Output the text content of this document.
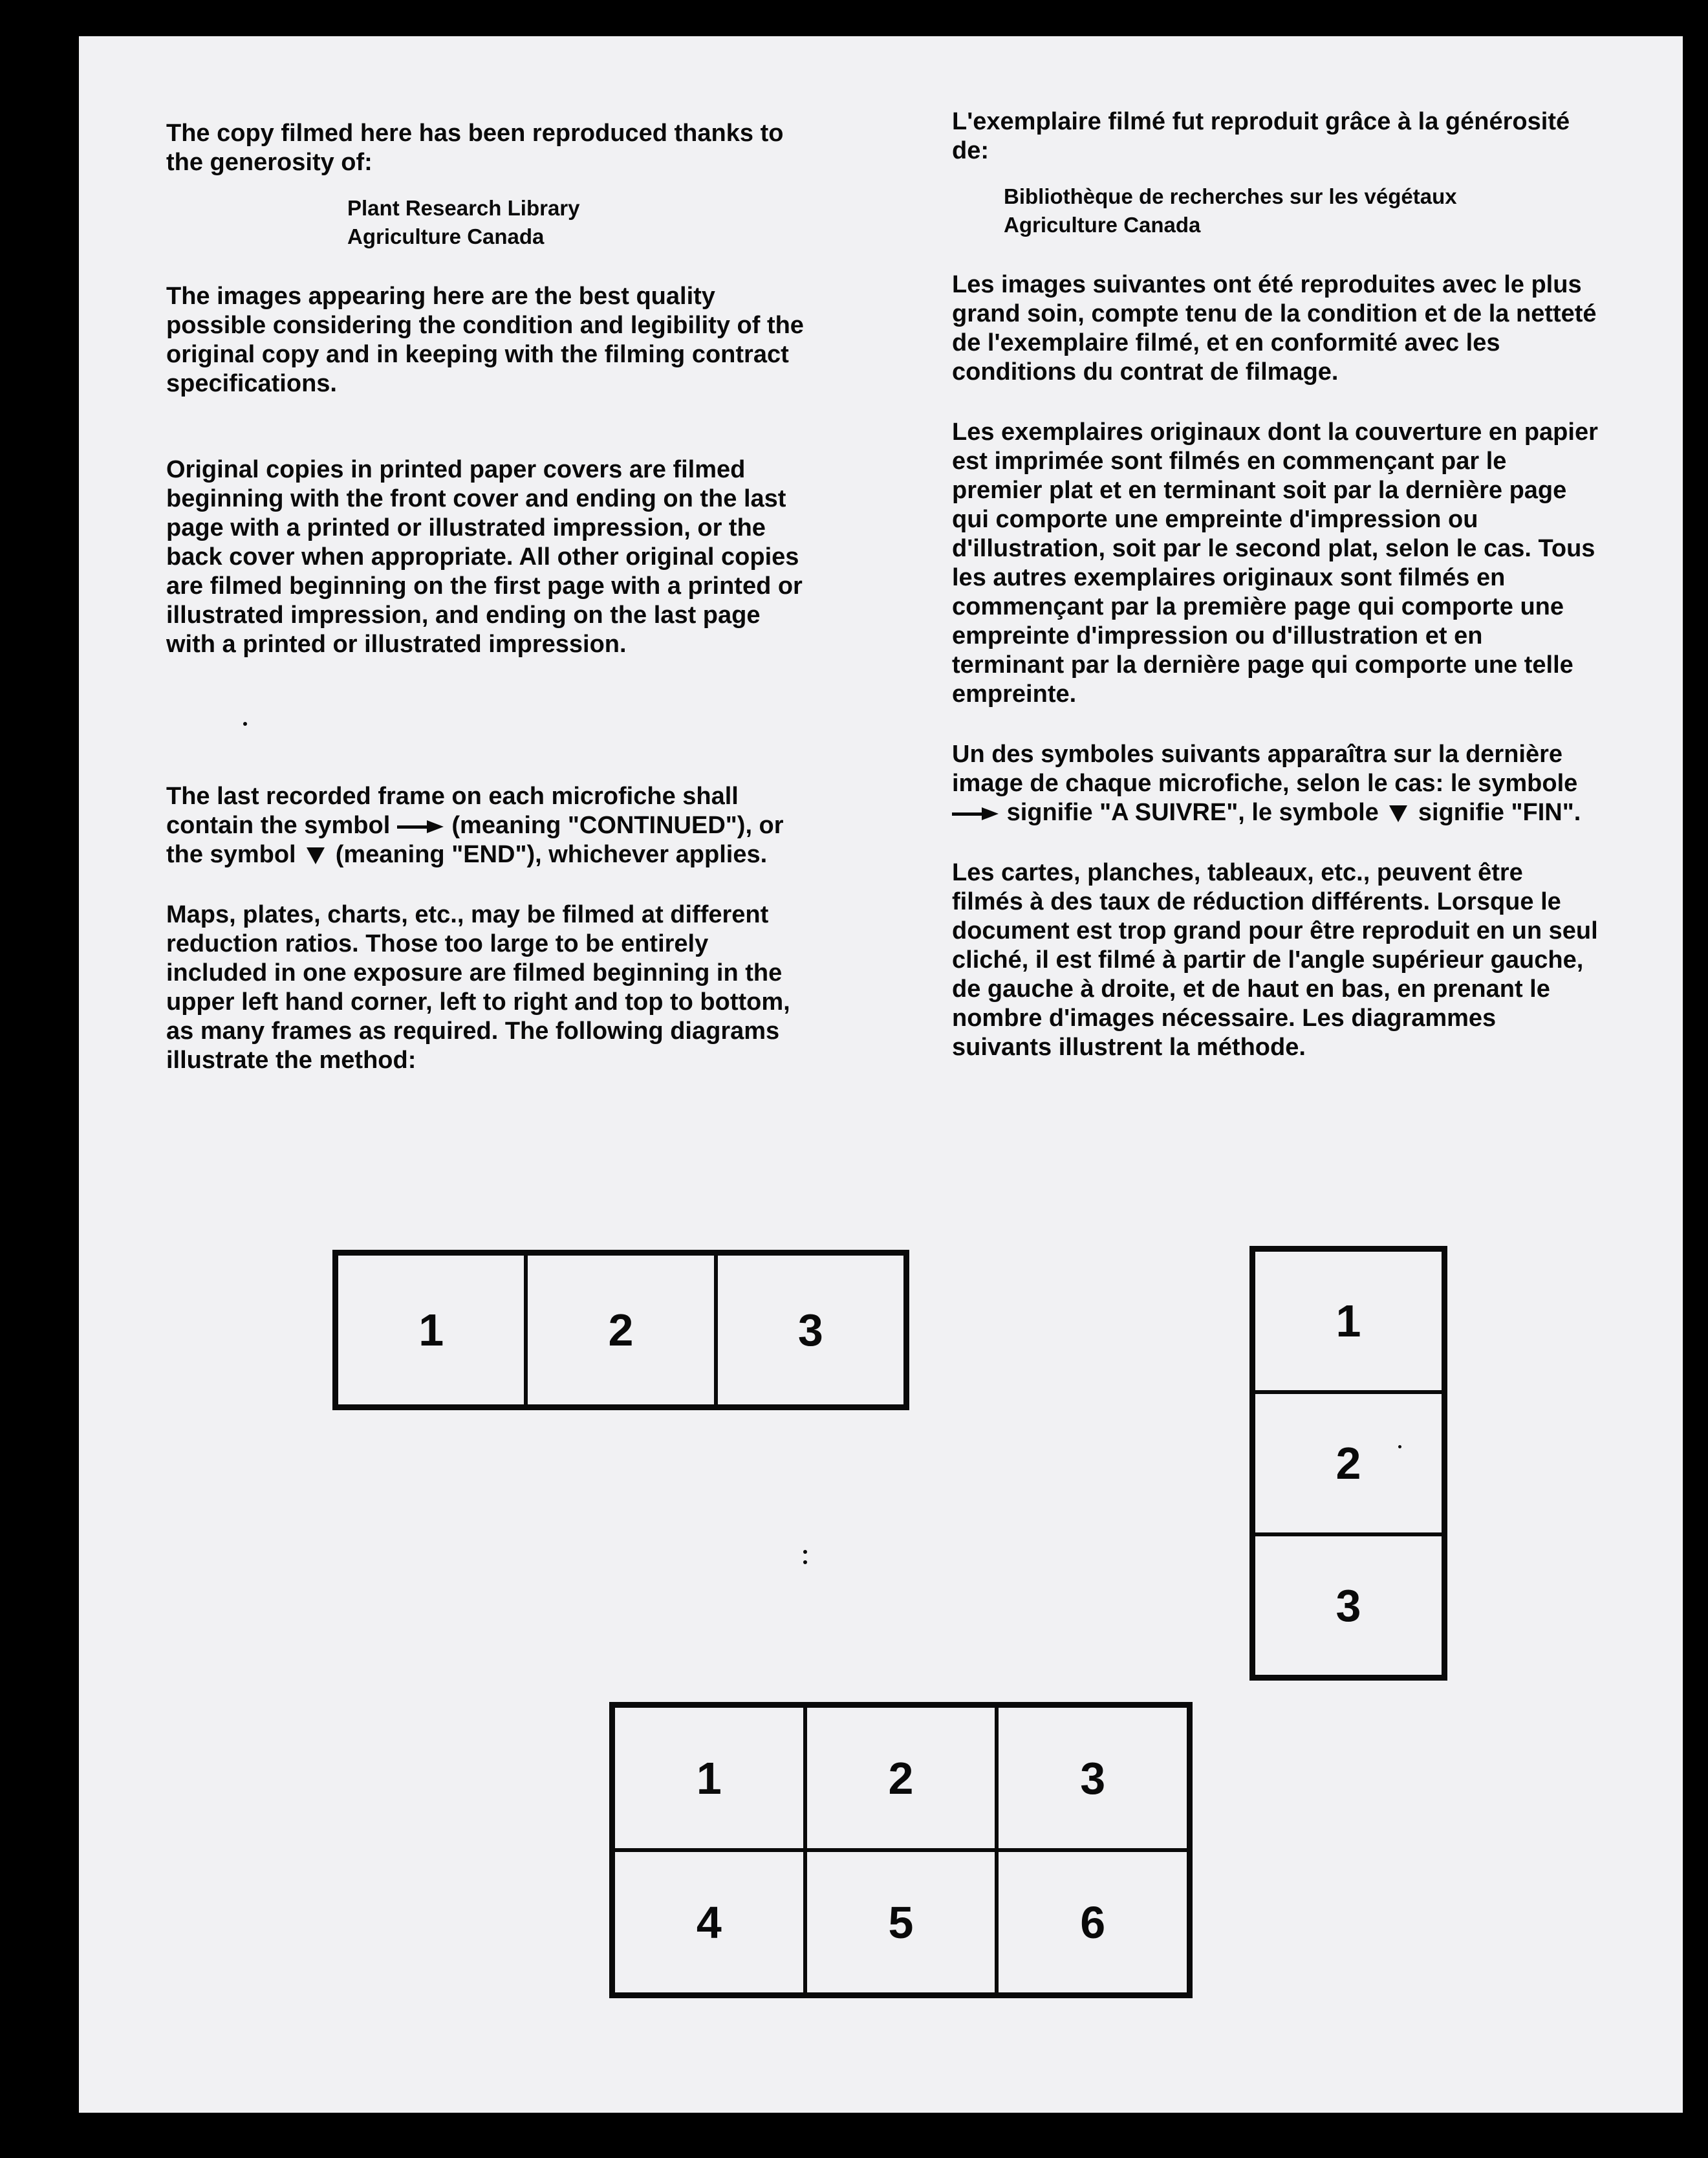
The copy filmed here has been reproduced thanks to the generosity of:

Plant Research Library
Agriculture Canada

The images appearing here are the best quality possible considering the condition and legibility of the original copy and in keeping with the filming contract specifications.

Original copies in printed paper covers are filmed beginning with the front cover and ending on the last page with a printed or illustrated impression, or the back cover when appropriate. All other original copies are filmed beginning on the first page with a printed or illustrated impression, and ending on the last page with a printed or illustrated impression.

The last recorded frame on each microfiche shall contain the symbol	(meaning "CONTINUED"), or the symbol (meaning "END"), whichever applies.

Maps, plates, charts, etc., may be filmed at different reduction ratios. Those too large to be entirely included in one exposure are filmed beginning in the upper left hand corner, left to right and top to bottom, as many frames as required. The following diagrams illustrate the method:

L'exemplaire filmé fut reproduit grâce à la générosité de:

Bibliothèque de recherches sur les végétaux
Agriculture Canada

Les images suivantes ont été reproduites avec le plus grand soin, compte tenu de la condition et de la netteté de l'exemplaire filmé, et en conformité avec les conditions du contrat de filmage.

Les exemplaires originaux dont la couverture en papier est imprimée sont filmés en commençant par le premier plat et en terminant soit par la dernière page qui comporte une empreinte d'impression ou d'illustration, soit par le second plat, selon le cas. Tous les autres exemplaires originaux sont filmés en commençant par la première page qui comporte une empreinte d'impression ou d'illustration et en terminant par la dernière page qui comporte une telle empreinte.

Un des symboles suivants apparaîtra sur la dernière image de chaque microfiche, selon le cas: le symbole  signifie "A SUIVRE", le symbole signifie "FIN".

Les cartes, planches, tableaux, etc., peuvent être filmés à des taux de réduction différents. Lorsque le document est trop grand pour être reproduit en un seul cliché, il est filmé à partir de l'angle supérieur gauche, de gauche à droite, et de haut en bas, en prenant le nombre d'images nécessaire. Les diagrammes suivants illustrent la méthode.

1	2	3	1
2
3
1	2	3
4	5	6
